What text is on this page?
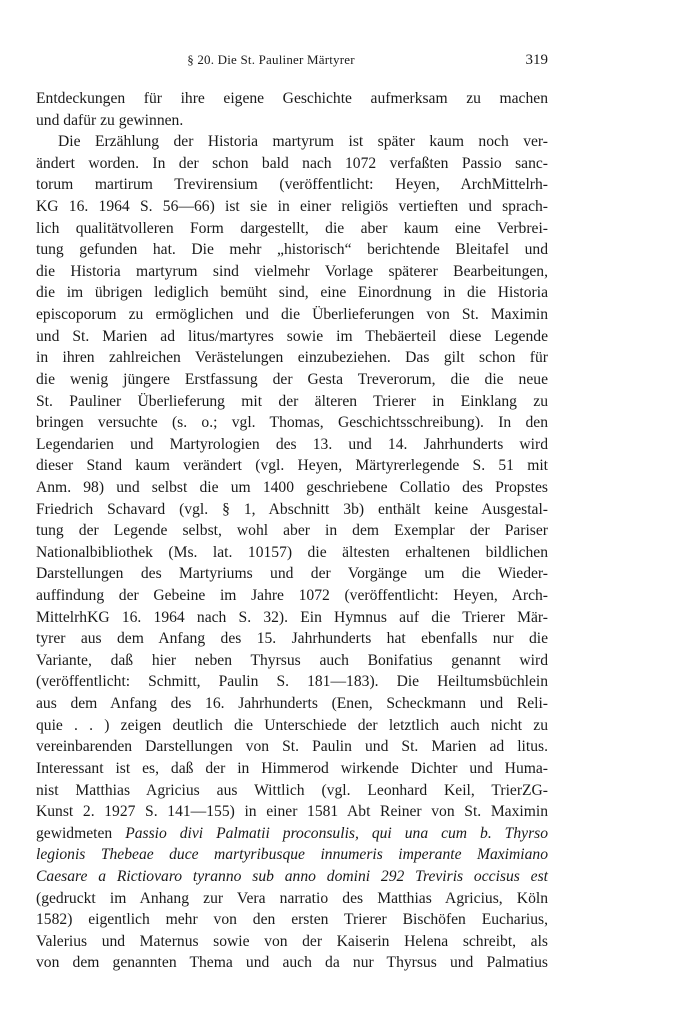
§ 20. Die St. Pauliner Märtyrer	319
Entdeckungen für ihre eigene Geschichte aufmerksam zu machen
und dafür zu gewinnen.
Die Erzählung der Historia martyrum ist später kaum noch ver-
ändert worden. In der schon bald nach 1072 verfaßten Passio sanc-
torum martirum Trevirensium (veröffentlicht: Heyen, ArchMittelrh-
KG 16. 1964 S. 56—66) ist sie in einer religiös vertieften und sprach-
lich qualitätvolleren Form dargestellt, die aber kaum eine Verbrei-
tung gefunden hat. Die mehr „historisch“ berichtende Bleitafel und
die Historia martyrum sind vielmehr Vorlage späterer Bearbeitungen,
die im übrigen lediglich bemüht sind, eine Einordnung in die Historia
episcoporum zu ermöglichen und die Überlieferungen von St. Maximin
und St. Marien ad litus/martyres sowie im Thebäerteil diese Legende
in ihren zahlreichen Verästelungen einzubeziehen. Das gilt schon für
die wenig jüngere Erstfassung der Gesta Treverorum, die die neue
St. Pauliner Überlieferung mit der älteren Trierer in Einklang zu
bringen versuchte (s. o.; vgl. Thomas, Geschichtsschreibung). In den
Legendarien und Martyrologien des 13. und 14. Jahrhunderts wird
dieser Stand kaum verändert (vgl. Heyen, Märtyrerlegende S. 51 mit
Anm. 98) und selbst die um 1400 geschriebene Collatio des Propstes
Friedrich Schavard (vgl. § 1, Abschnitt 3b) enthält keine Ausgestal-
tung der Legende selbst, wohl aber in dem Exemplar der Pariser
Nationalbibliothek (Ms. lat. 10157) die ältesten erhaltenen bildlichen
Darstellungen des Martyriums und der Vorgänge um die Wieder-
auffindung der Gebeine im Jahre 1072 (veröffentlicht: Heyen, Arch-
MittelrhKG 16. 1964 nach S. 32). Ein Hymnus auf die Trierer Mär-
tyrer aus dem Anfang des 15. Jahrhunderts hat ebenfalls nur die
Variante, daß hier neben Thyrsus auch Bonifatius genannt wird
(veröffentlicht: Schmitt, Paulin S. 181—183). Die Heiltumsbüchlein
aus dem Anfang des 16. Jahrhunderts (Enen, Scheckmann und Reli-
quie . . ) zeigen deutlich die Unterschiede der letztlich auch nicht zu
vereinbarenden Darstellungen von St. Paulin und St. Marien ad litus.
Interessant ist es, daß der in Himmerod wirkende Dichter und Huma-
nist Matthias Agricius aus Wittlich (vgl. Leonhard Keil, TrierZG-
Kunst 2. 1927 S. 141—155) in einer 1581 Abt Reiner von St. Maximin
gewidmeten Passio divi Palmatii proconsulis, qui una cum b. Thyrso
legionis Thebeae duce martyribusque innumeris imperante Maximiano
Caesare a Rictiovaro tyranno sub anno domini 292 Treviris occisus est
(gedruckt im Anhang zur Vera narratio des Matthias Agricius, Köln
1582) eigentlich mehr von den ersten Trierer Bischöfen Eucharius,
Valerius und Maternus sowie von der Kaiserin Helena schreibt, als
von dem genannten Thema und auch da nur Thyrsus und Palmatius
